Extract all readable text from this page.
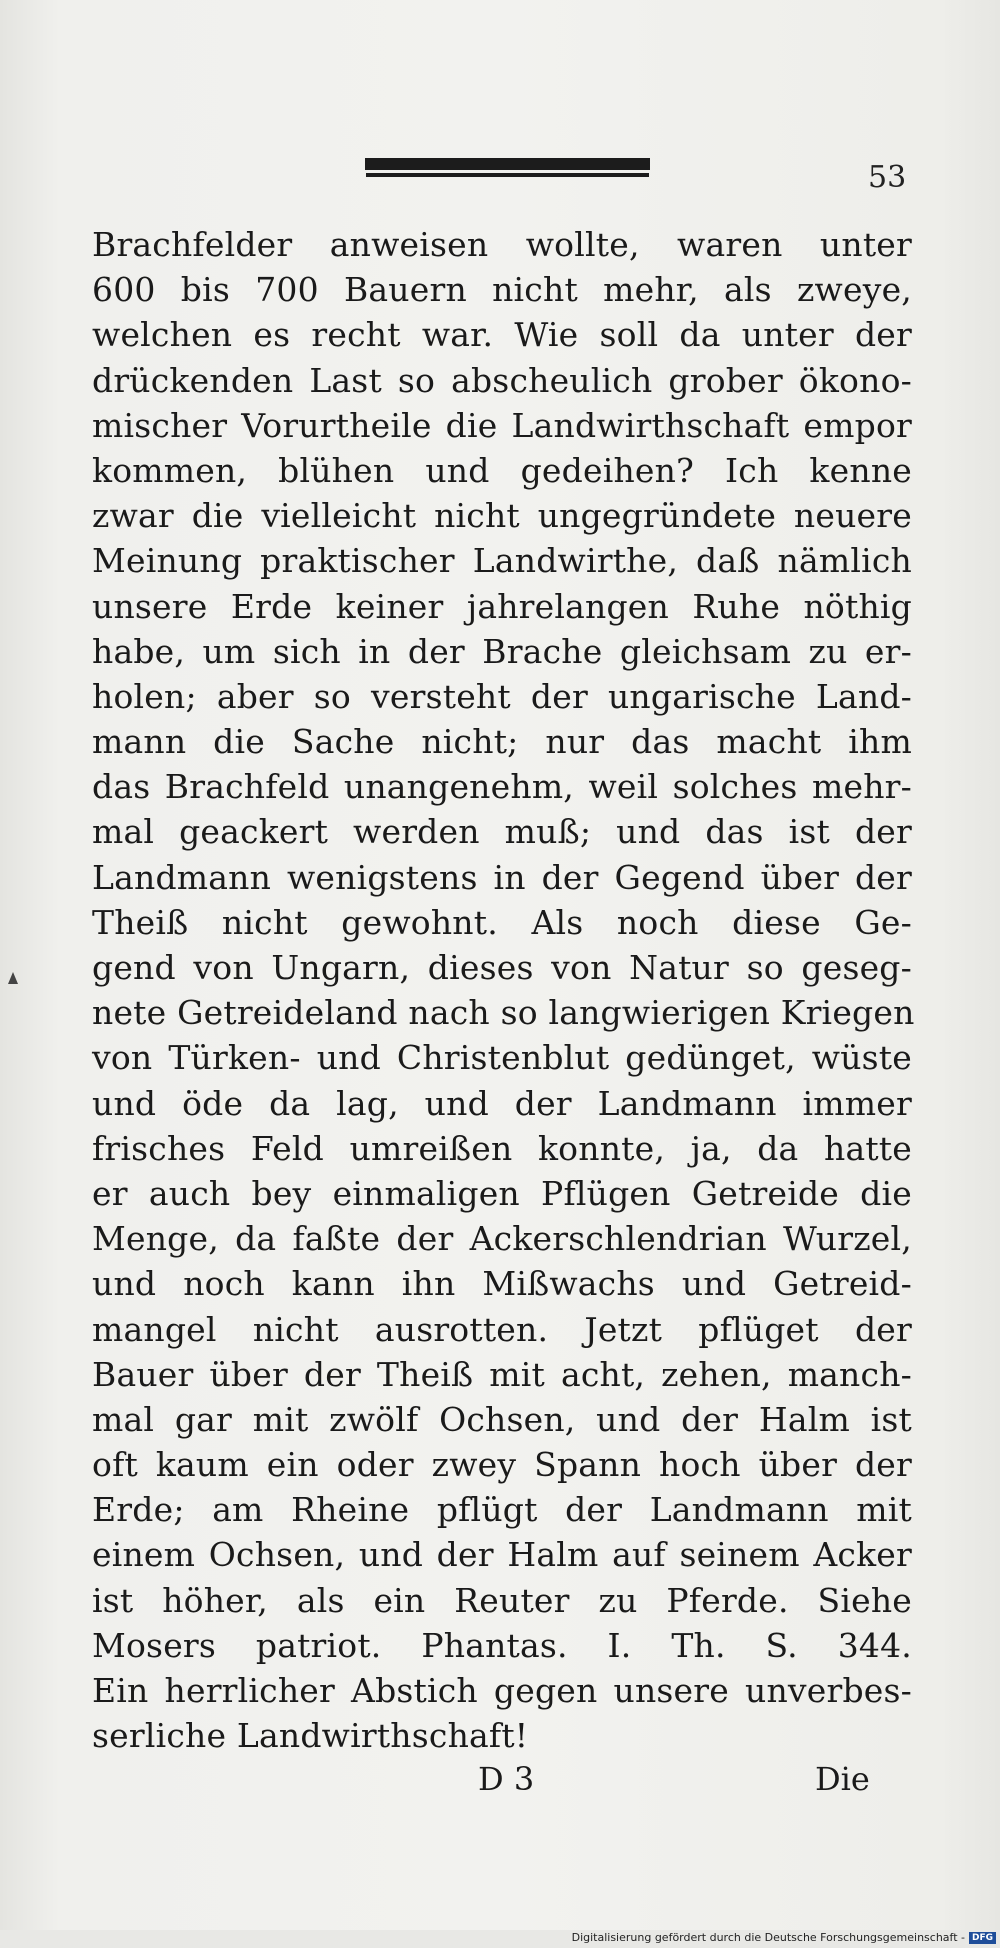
53
Brachfelder anweisen wollte, waren unter
600 bis 700 Bauern nicht mehr, als zweye,
welchen es recht war. Wie soll da unter der
drückenden Last so abscheulich grober ökono-
mischer Vorurtheile die Landwirthschaft empor
kommen, blühen und gedeihen? Ich kenne
zwar die vielleicht nicht ungegründete neuere
Meinung praktischer Landwirthe, daß nämlich
unsere Erde keiner jahrelangen Ruhe nöthig
habe, um sich in der Brache gleichsam zu er-
holen; aber so versteht der ungarische Land-
mann die Sache nicht; nur das macht ihm
das Brachfeld unangenehm, weil solches mehr-
mal geackert werden muß; und das ist der
Landmann wenigstens in der Gegend über der
Theiß nicht gewohnt. Als noch diese Ge-
gend von Ungarn, dieses von Natur so geseg-
nete Getreideland nach so langwierigen Kriegen
von Türken- und Christenblut gedünget, wüste
und öde da lag, und der Landmann immer
frisches Feld umreißen konnte, ja, da hatte
er auch bey einmaligen Pflügen Getreide die
Menge, da faßte der Ackerschlendrian Wurzel,
und noch kann ihn Mißwachs und Getreid-
mangel nicht ausrotten. Jetzt pflüget der
Bauer über der Theiß mit acht, zehen, manch-
mal gar mit zwölf Ochsen, und der Halm ist
oft kaum ein oder zwey Spann hoch über der
Erde; am Rheine pflügt der Landmann mit
einem Ochsen, und der Halm auf seinem Acker
ist höher, als ein Reuter zu Pferde. Siehe
Mosers patriot. Phantas. I. Th. S. 344.
Ein herrlicher Abstich gegen unsere unverbes-
serliche Landwirthschaft!
D 3	Die
Digitalisierung gefördert durch die Deutsche Forschungsgemeinschaft - DFG
